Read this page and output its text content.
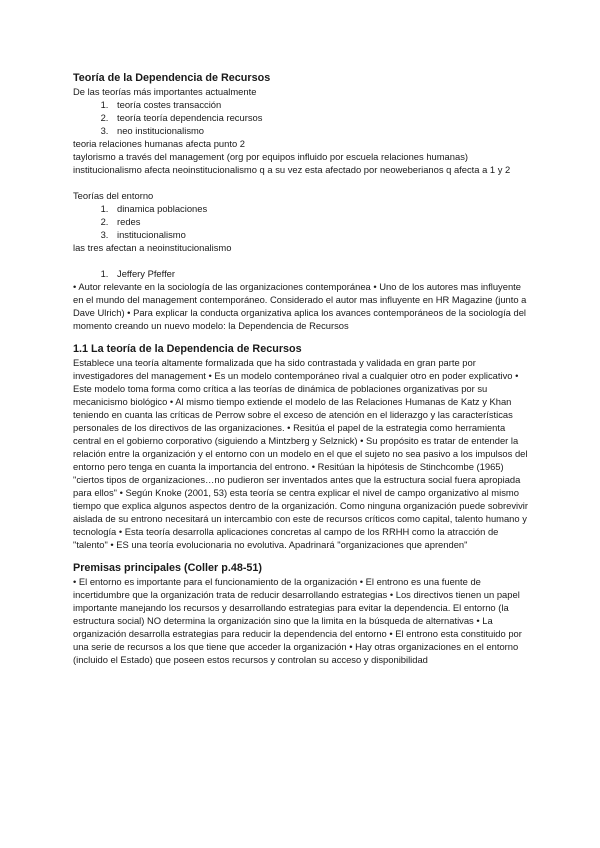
Teoría de la Dependencia de Recursos

De las teorías más importantes actualmente

1. teoría costes transacción
2. teoría teoría dependencia recursos
3. neo institucionalismo

teoria relaciones humanas afecta punto 2

taylorismo a través del management (org por equipos influido por escuela relaciones humanas)

institucionalismo afecta neoinstitucionalismo q a su vez esta afectado por neoweberianos q afecta a 1 y 2

Teorías del entorno

1. dinamica poblaciones
2. redes
3. institucionalismo

las tres afectan a neoinstitucionalismo

1. Jeffery Pfeffer

• Autor relevante en la sociología de las organizaciones contemporánea • Uno de los autores mas influyente en el mundo del management contemporáneo. Considerado el autor mas influyente en HR Magazine (junto a Dave Ulrich) • Para explicar la conducta organizativa aplica los avances contemporáneos de la sociología del momento creando un nuevo modelo: la Dependencia de Recursos

1.1 La teoría de la Dependencia de Recursos

Establece una teoría altamente formalizada que ha sido contrastada y validada en gran parte por investigadores del management • Es un modelo contemporáneo rival a cualquier otro en poder explicativo • Este modelo toma forma como crítica a las teorías de dinámica de poblaciones organizativas por su mecanicismo biológico • Al mismo tiempo extiende el modelo de las Relaciones Humanas de Katz y Khan teniendo en cuanta las críticas de Perrow sobre el exceso de atención en el liderazgo y las características personales de los directivos de las organizaciones. • Resitúa el papel de la estrategia como herramienta central en el gobierno corporativo (siguiendo a Mintzberg y Selznick) • Su propósito es tratar de entender la relación entre la organización y el entorno con un modelo en el que el sujeto no sea pasivo a los impulsos del entorno pero tenga en cuanta la importancia del entrono. • Resitúan la hipótesis de Stinchcombe (1965) "ciertos tipos de organizaciones…no pudieron ser inventados antes que la estructura social fuera apropiada para ellos" • Según Knoke (2001, 53) esta teoría se centra explicar el nivel de campo organizativo al mismo tiempo que explica algunos aspectos dentro de la organización. Como ninguna organización puede sobrevivir aislada de su entrono necesitará un intercambio con este de recursos críticos como capital, talento humano y tecnología • Esta teoría desarrolla aplicaciones concretas al campo de los RRHH como la atracción de "talento" • ES una teoría evolucionaria no evolutiva. Apadrinará "organizaciones que aprenden"

Premisas principales (Coller p.48-51)

• El entorno es importante para el funcionamiento de la organización • El entrono es una fuente de incertidumbre que la organización trata de reducir desarrollando estrategias • Los directivos tienen un papel importante manejando los recursos y desarrollando estrategias para evitar la dependencia. El entorno (la estructura social) NO determina la organización sino que la limita en la búsqueda de alternativas • La organización desarrolla estrategias para reducir la dependencia del entorno • El entrono esta constituido por una serie de recursos a los que tiene que acceder la organización • Hay otras organizaciones en el entorno (incluido el Estado) que poseen estos recursos y controlan su acceso y disponibilidad
